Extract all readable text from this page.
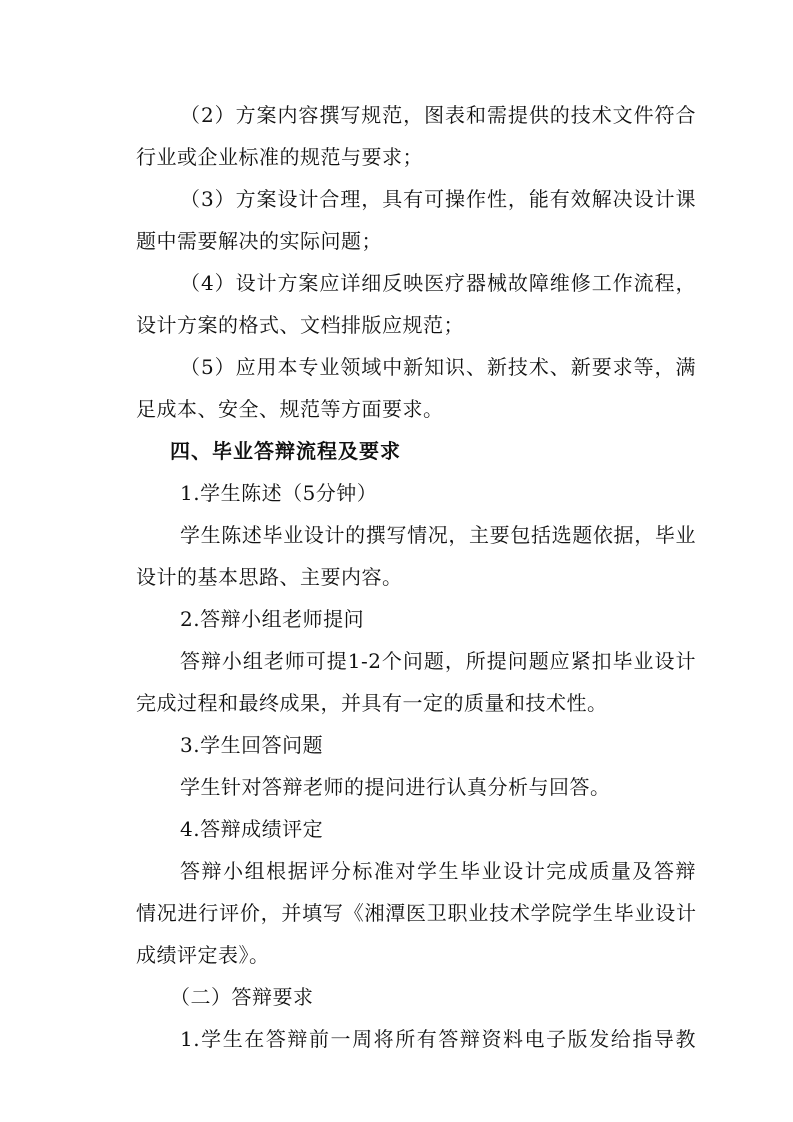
（2）方案内容撰写规范，图表和需提供的技术文件符合
行业或企业标准的规范与要求；
（3）方案设计合理，具有可操作性，能有效解决设计课
题中需要解决的实际问题；
（4）设计方案应详细反映医疗器械故障维修工作流程，
设计方案的格式、文档排版应规范；
（5）应用本专业领域中新知识、新技术、新要求等，满
足成本、安全、规范等方面要求。
四、毕业答辩流程及要求
1.学生陈述（5分钟）
学生陈述毕业设计的撰写情况，主要包括选题依据，毕业
设计的基本思路、主要内容。
2.答辩小组老师提问
答辩小组老师可提1-2个问题，所提问题应紧扣毕业设计
完成过程和最终成果，并具有一定的质量和技术性。
3.学生回答问题
学生针对答辩老师的提问进行认真分析与回答。
4.答辩成绩评定
答辩小组根据评分标准对学生毕业设计完成质量及答辩
情况进行评价，并填写《湘潭医卫职业技术学院学生毕业设计
成绩评定表》。
（二）答辩要求
1.学生在答辩前一周将所有答辩资料电子版发给指导教
